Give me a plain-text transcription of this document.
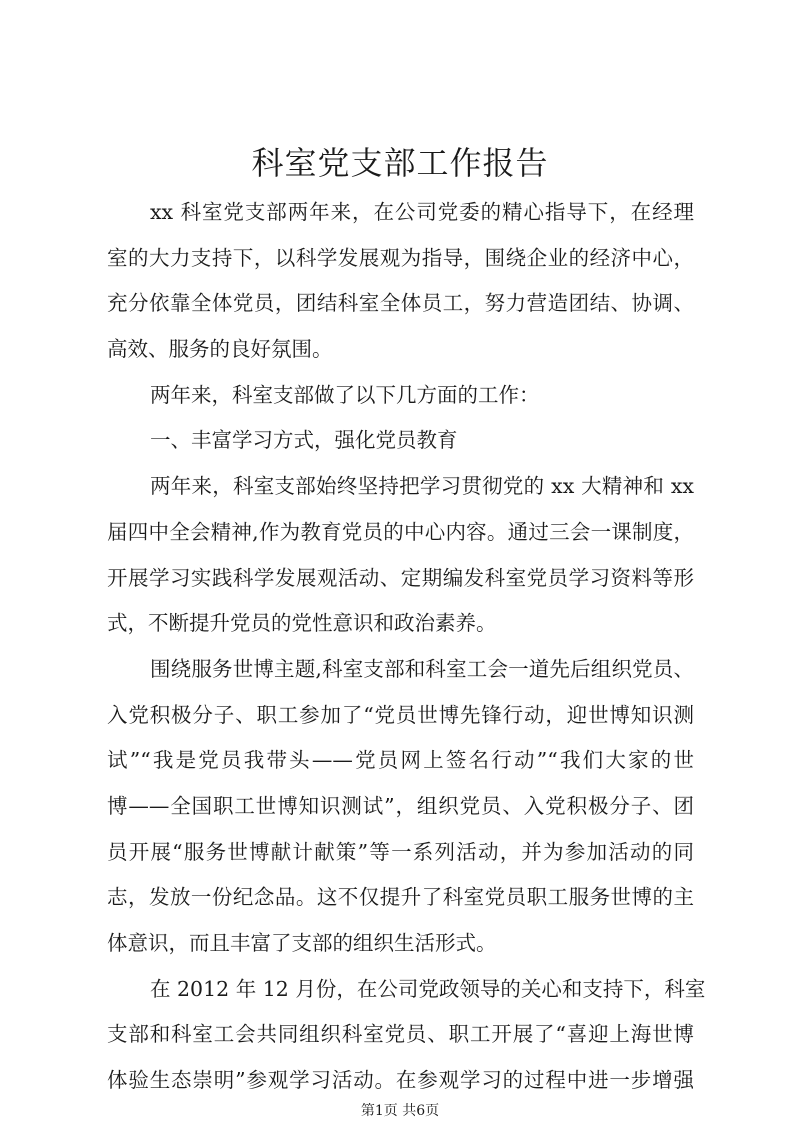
科室党支部工作报告
xx 科室党支部两年来，在公司党委的精心指导下，在经理
室的大力支持下，以科学发展观为指导，围绕企业的经济中心，
充分依靠全体党员，团结科室全体员工，努力营造团结、协调、
高效、服务的良好氛围。
两年来，科室支部做了以下几方面的工作：
一、丰富学习方式，强化党员教育
两年来，科室支部始终坚持把学习贯彻党的 xx 大精神和 xx
届四中全会精神,作为教育党员的中心内容。通过三会一课制度，
开展学习实践科学发展观活动、定期编发科室党员学习资料等形
式，不断提升党员的党性意识和政治素养。
围绕服务世博主题,科室支部和科室工会一道先后组织党员、
入党积极分子、职工参加了“党员世博先锋行动，迎世博知识测
试”“我是党员我带头——党员网上签名行动”“我们大家的世
博——全国职工世博知识测试”，组织党员、入党积极分子、团
员开展“服务世博献计献策”等一系列活动，并为参加活动的同
志，发放一份纪念品。这不仅提升了科室党员职工服务世博的主
体意识，而且丰富了支部的组织生活形式。
在 2012 年 12 月份，在公司党政领导的关心和支持下，科室
支部和科室工会共同组织科室党员、职工开展了“喜迎上海世博
体验生态崇明”参观学习活动。在参观学习的过程中进一步增强
第1页 共6页
